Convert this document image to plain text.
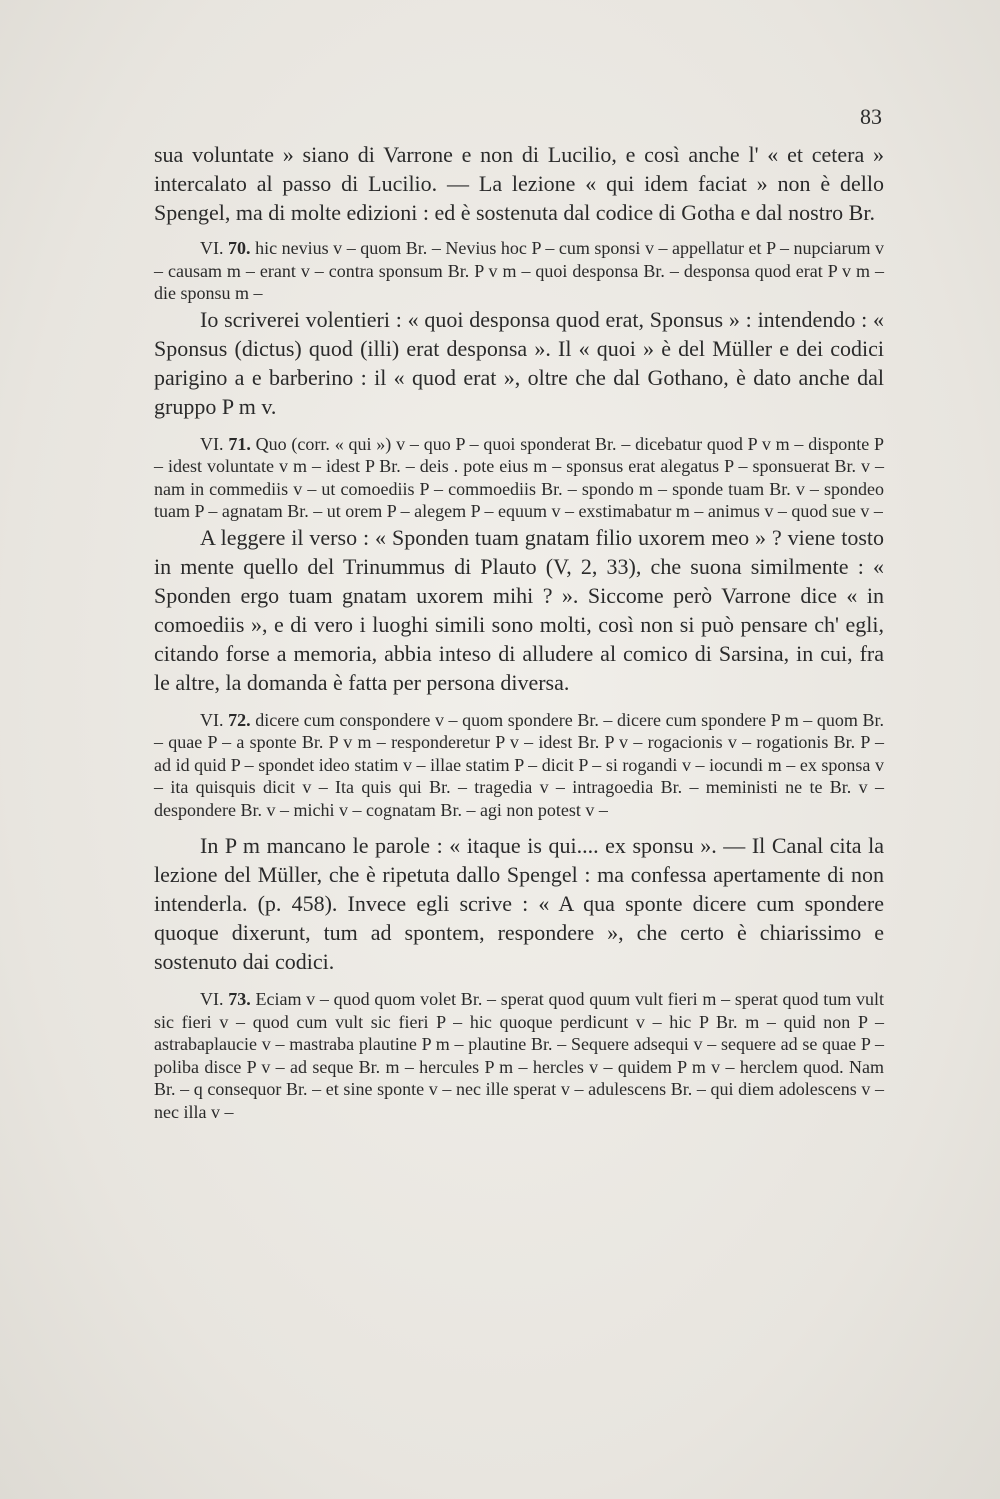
83

sua voluntate » siano di Varrone e non di Lucilio, e così anche l' « et cetera » intercalato al passo di Lucilio. — La lezione « qui idem faciat » non è dello Spengel, ma di molte edizioni : ed è sostenuta dal codice di Gotha e dal nostro Br.

VI. 70. hic nevius v – quom Br. – Nevius hoc P – cum sponsi v – appellatur et P – nupciarum v – causam m – erant v – contra sponsum Br. P v m – quoi desponsa Br. – desponsa quod erat P v m – die sponsu m –

Io scriverei volentieri : « quoi desponsa quod erat, Sponsus » : intendendo : « Sponsus (dictus) quod (illi) erat desponsa ». Il « quoi » è del Müller e dei codici parigino a e barberino : il « quod erat », oltre che dal Gothano, è dato anche dal gruppo P m v.

VI. 71. Quo (corr. « qui ») v – quo P – quoi sponderat Br. – dicebatur quod P v m – disponte P – idest voluntate v m – idest P Br. – deis . pote eius m – sponsus erat alegatus P – sponsuerat Br. v – nam in commediis v – ut comoediis P – commoediis Br. – spondo m – sponde tuam Br. v – spondeo tuam P – agnatam Br. – ut orem P – alegem P – equum v – exstimabatur m – animus v – quod sue v –

A leggere il verso : « Sponden tuam gnatam filio uxorem meo » ? viene tosto in mente quello del Trinummus di Plauto (V, 2, 33), che suona similmente : « Sponden ergo tuam gnatam uxorem mihi ? ». Siccome però Varrone dice « in comoediis », e di vero i luoghi simili sono molti, così non si può pensare ch' egli, citando forse a memoria, abbia inteso di alludere al comico di Sarsina, in cui, fra le altre, la domanda è fatta per persona diversa.

VI. 72. dicere cum conspondere v – quom spondere Br. – dicere cum spondere P m – quom Br. – quae P – a sponte Br. P v m – responderetur P v – idest Br. P v – rogacionis v – rogationis Br. P – ad id quid P – spondet ideo statim v – illae statim P – dicit P – si rogandi v – iocundi m – ex sponsa v – ita quisquis dicit v – Ita quis qui Br. – tragedia v – intragoedia Br. – meministi ne te Br. v – despondere Br. v – michi v – cognatam Br. – agi non potest v –

In P m mancano le parole : « itaque is qui.... ex sponsu ». — Il Canal cita la lezione del Müller, che è ripetuta dallo Spengel : ma confessa apertamente di non intenderla. (p. 458). Invece egli scrive : « A qua sponte dicere cum spondere quoque dixerunt, tum ad spontem, respondere », che certo è chiarissimo e sostenuto dai codici.

VI. 73. Eciam v – quod quom volet Br. – sperat quod quum vult fieri m – sperat quod tum vult sic fieri v – quod cum vult sic fieri P – hic quoque perdicunt v – hic P Br. m – quid non P – astrabaplaucie v – mastraba plautine P m – plautine Br. – Sequere adsequi v – sequere ad se quae P – poliba disce P v – ad seque Br. m – hercules P m – hercles v – quidem P m v – herclem quod. Nam Br. – q consequor Br. – et sine sponte v – nec ille sperat v – adulescens Br. – qui diem adolescens v – nec illa v –
